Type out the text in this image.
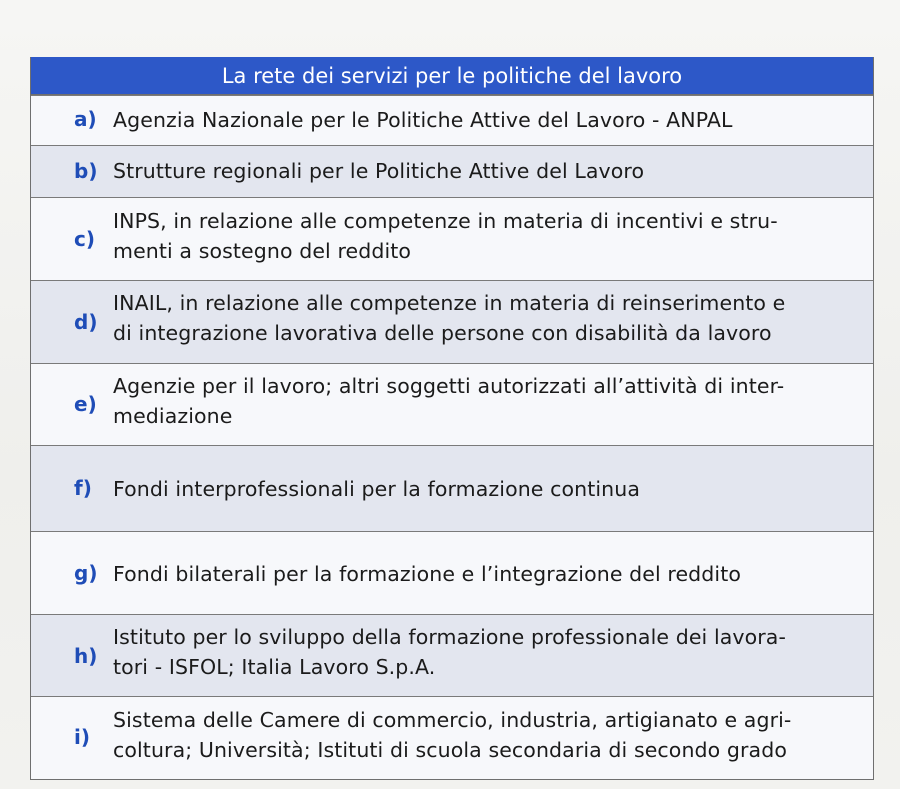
La rete dei servizi per le politiche del lavoro
a) Agenzia Nazionale per le Politiche Attive del Lavoro - ANPAL
b) Strutture regionali per le Politiche Attive del Lavoro
c)
INPS, in relazione alle competenze in materia di incentivi e stru-
menti a sostegno del reddito
d)
INAIL, in relazione alle competenze in materia di reinserimento e
di integrazione lavorativa delle persone con disabilità da lavoro
e)
Agenzie per il lavoro; altri soggetti autorizzati all’attività di inter-
mediazione
f) Fondi interprofessionali per la formazione continua
g) Fondi bilaterali per la formazione e l’integrazione del reddito
h)
Istituto per lo sviluppo della formazione professionale dei lavora-
tori - ISFOL; Italia Lavoro S.p.A.
i)
Sistema delle Camere di commercio, industria, artigianato e agri-
coltura; Università; Istituti di scuola secondaria di secondo grado
